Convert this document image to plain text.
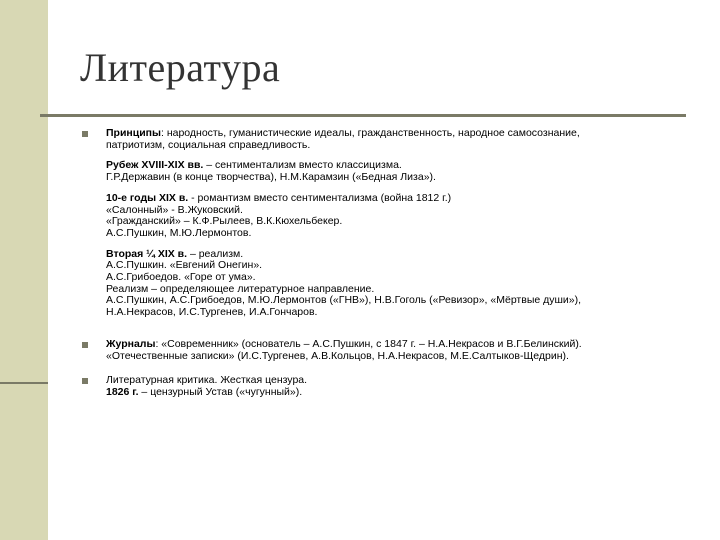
Литература
Принципы: народность, гуманистические идеалы, гражданственность, народное самосознание,
патриотизм, социальная справедливость.
Рубеж XVIII-XIX вв. – сентиментализм вместо классицизма.
Г.Р.Державин (в конце творчества), Н.М.Карамзин («Бедная Лиза»).
10-е годы XIX в. - романтизм вместо сентиментализма (война 1812 г.)
«Салонный» - В.Жуковский.
«Гражданский» – К.Ф.Рылеев, В.К.Кюхельбекер.
А.С.Пушкин, М.Ю.Лермонтов.
Вторая ¼ XIX в. – реализм.
А.С.Пушкин. «Евгений Онегин».
А.С.Грибоедов. «Горе от ума».
Реализм – определяющее литературное направление.
А.С.Пушкин, А.С.Грибоедов, М.Ю.Лермонтов («ГНВ»), Н.В.Гоголь («Ревизор», «Мёртвые души»),
Н.А.Некрасов, И.С.Тургенев, И.А.Гончаров.
Журналы: «Современник» (основатель – А.С.Пушкин, с 1847 г. – Н.А.Некрасов и В.Г.Белинский).
«Отечественные записки» (И.С.Тургенев, А.В.Кольцов, Н.А.Некрасов, М.Е.Салтыков-Щедрин).
Литературная критика. Жесткая цензура.
1826 г. – цензурный Устав («чугунный»).
